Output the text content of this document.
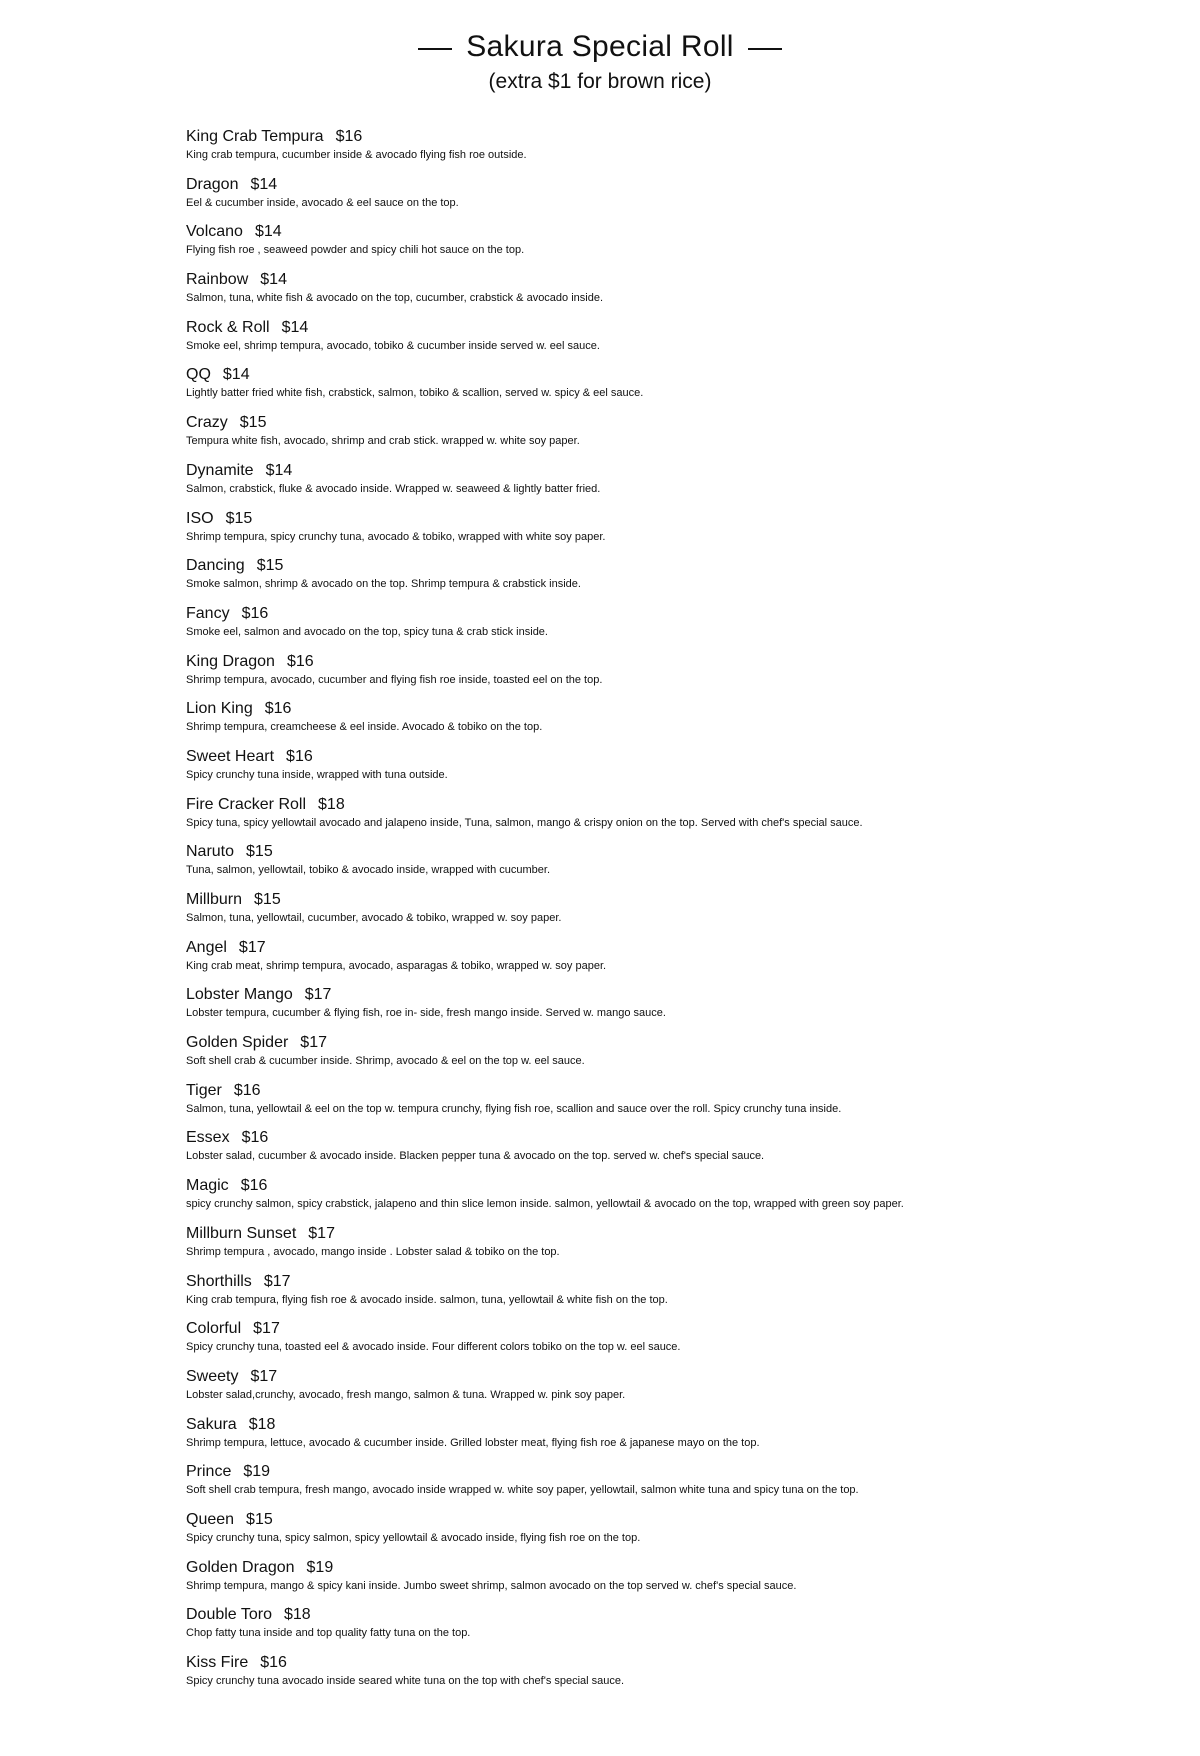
Sakura Special Roll
(extra $1 for brown rice)
King Crab Tempura $16
King crab tempura, cucumber inside & avocado flying fish roe outside.
Dragon $14
Eel & cucumber inside, avocado & eel sauce on the top.
Volcano $14
Flying fish roe , seaweed powder and spicy chili hot sauce on the top.
Rainbow $14
Salmon, tuna, white fish & avocado on the top, cucumber, crabstick & avocado inside.
Rock & Roll $14
Smoke eel, shrimp tempura, avocado, tobiko & cucumber inside served w. eel sauce.
QQ $14
Lightly batter fried white fish, crabstick, salmon, tobiko & scallion, served w. spicy & eel sauce.
Crazy $15
Tempura white fish, avocado, shrimp and crab stick. wrapped w. white soy paper.
Dynamite $14
Salmon, crabstick, fluke & avocado inside. Wrapped w. seaweed & lightly batter fried.
ISO $15
Shrimp tempura, spicy crunchy tuna, avocado & tobiko, wrapped with white soy paper.
Dancing $15
Smoke salmon, shrimp & avocado on the top. Shrimp tempura & crabstick inside.
Fancy $16
Smoke eel, salmon and avocado on the top, spicy tuna & crab stick inside.
King Dragon $16
Shrimp tempura, avocado, cucumber and flying fish roe inside, toasted eel on the top.
Lion King $16
Shrimp tempura, creamcheese & eel inside. Avocado & tobiko on the top.
Sweet Heart $16
Spicy crunchy tuna inside, wrapped with tuna outside.
Fire Cracker Roll $18
Spicy tuna, spicy yellowtail avocado and jalapeno inside, Tuna, salmon, mango & crispy onion on the top. Served with chef's special sauce.
Naruto $15
Tuna, salmon, yellowtail, tobiko & avocado inside, wrapped with cucumber.
Millburn $15
Salmon, tuna, yellowtail, cucumber, avocado & tobiko, wrapped w. soy paper.
Angel $17
King crab meat, shrimp tempura, avocado, asparagas & tobiko, wrapped w. soy paper.
Lobster Mango $17
Lobster tempura, cucumber & flying fish, roe in- side, fresh mango inside. Served w. mango sauce.
Golden Spider $17
Soft shell crab & cucumber inside. Shrimp, avocado & eel on the top w. eel sauce.
Tiger $16
Salmon, tuna, yellowtail & eel on the top w. tempura crunchy, flying fish roe, scallion and sauce over the roll. Spicy crunchy tuna inside.
Essex $16
Lobster salad, cucumber & avocado inside. Blacken pepper tuna & avocado on the top. served w. chef's special sauce.
Magic $16
spicy crunchy salmon, spicy crabstick, jalapeno and thin slice lemon inside. salmon, yellowtail & avocado on the top, wrapped with green soy paper.
Millburn Sunset $17
Shrimp tempura , avocado, mango inside . Lobster salad & tobiko on the top.
Shorthills $17
King crab tempura, flying fish roe & avocado inside. salmon, tuna, yellowtail & white fish on the top.
Colorful $17
Spicy crunchy tuna, toasted eel & avocado inside. Four different colors tobiko on the top w. eel sauce.
Sweety $17
Lobster salad,crunchy, avocado, fresh mango, salmon & tuna. Wrapped w. pink soy paper.
Sakura $18
Shrimp tempura, lettuce, avocado & cucumber inside. Grilled lobster meat, flying fish roe & japanese mayo on the top.
Prince $19
Soft shell crab tempura, fresh mango, avocado inside wrapped w. white soy paper, yellowtail, salmon white tuna and spicy tuna on the top.
Queen $15
Spicy crunchy tuna, spicy salmon, spicy yellowtail & avocado inside, flying fish roe on the top.
Golden Dragon $19
Shrimp tempura, mango & spicy kani inside. Jumbo sweet shrimp, salmon avocado on the top served w. chef's special sauce.
Double Toro $18
Chop fatty tuna inside and top quality fatty tuna on the top.
Kiss Fire $16
Spicy crunchy tuna avocado inside seared white tuna on the top with chef's special sauce.
